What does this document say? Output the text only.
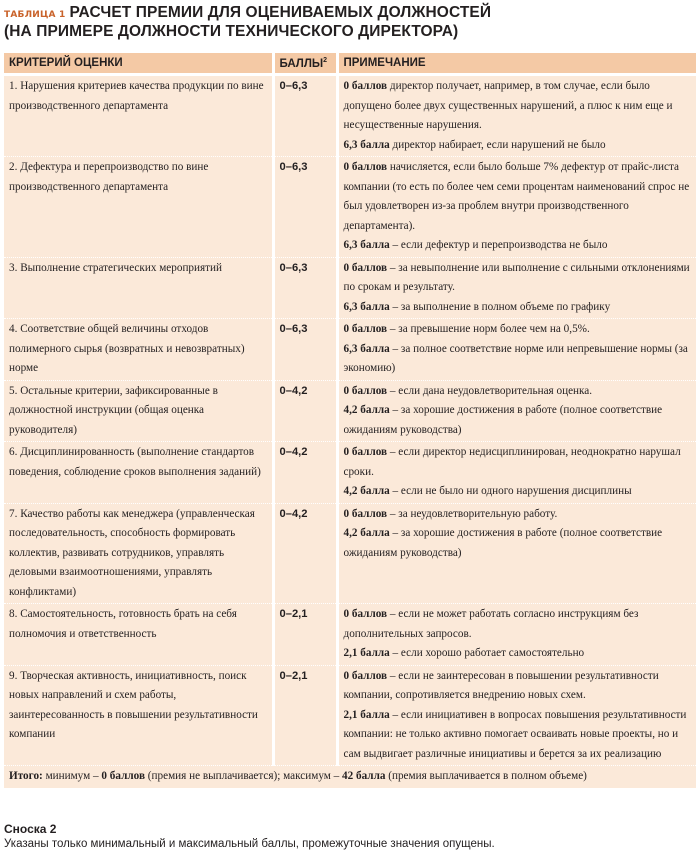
ТАБЛИЦА 1 РАСЧЕТ ПРЕМИИ ДЛЯ ОЦЕНИВАЕМЫХ ДОЛЖНОСТЕЙ
(НА ПРИМЕРЕ ДОЛЖНОСТИ ТЕХНИЧЕСКОГО ДИРЕКТОРА)
КРИТЕРИЙ ОЦЕНКИ	БАЛЛЫ$^2$	ПРИМЕЧАНИЕ
1. Нарушения критериев качества продукции по вине производственного департамента	0–6,3	0 баллов директор получает, например, в том случае, если было допущено более двух существенных нарушений, а плюс к ним еще и несущественные нарушения.
6,3 балла директор набирает, если нарушений не было

2. Дефектура и перепроизводство по вине производственного департамента	0–6,3	0 баллов начисляется, если было больше 7% дефектур от прайс-листа компании (то есть по более чем семи процентам наименований спрос не был удовлетворен из-за проблем внутри производственного департамента).
6,3 балла – если дефектур и перепроизводства не было

3. Выполнение стратегических мероприятий	0–6,3	0 баллов – за невыполнение или выполнение с сильными отклонениями по срокам и результату.
6,3 балла – за выполнение в полном объеме по графику

4. Соответствие общей величины отходов полимерного сырья (возвратных и невозвратных) норме	0–6,3	0 баллов – за превышение норм более чем на 0,5%.
6,3 балла – за полное соответствие норме или непревышение нормы (за экономию)

5. Остальные критерии, зафиксированные в должностной инструкции (общая оценка руководителя)	0–4,2	0 баллов – если дана неудовлетворительная оценка.
4,2 балла – за хорошие достижения в работе (полное соответствие ожиданиям руководства)

6. Дисциплинированность (выполнение стандартов поведения, соблюдение сроков выполнения заданий)	0–4,2	0 баллов – если директор недисциплинирован, неоднократно нарушал сроки.
4,2 балла – если не было ни одного нарушения дисциплины

7. Качество работы как менеджера (управленческая последовательность, способность формировать коллектив, развивать сотрудников, управлять деловыми взаимоотношениями, управлять конфликтами)	0–4,2	0 баллов – за неудовлетворительную работу.
4,2 балла – за хорошие достижения в работе (полное соответствие ожиданиям руководства)

8. Самостоятельность, готовность брать на себя полномочия и ответственность	0–2,1	0 баллов – если не может работать согласно инструкциям без дополнительных запросов.
2,1 балла – если хорошо работает самостоятельно

9. Творческая активность, инициативность, поиск новых направлений и схем работы, заинтересованность в повышении результативности компании	0–2,1	0 баллов – если не заинтересован в повышении результативности компании, сопротивляется внедрению новых схем.
2,1 балла – если инициативен в вопросах повышения результативности компании: не только активно помогает осваивать новые проекты, но и сам выдвигает различные инициативы и берется за их реализацию

Итого: минимум – 0 баллов (премия не выплачивается); максимум – 42 балла (премия выплачивается в полном объеме)		
Сноска 2
Указаны только минимальный и максимальный баллы, промежуточные значения опущены.
